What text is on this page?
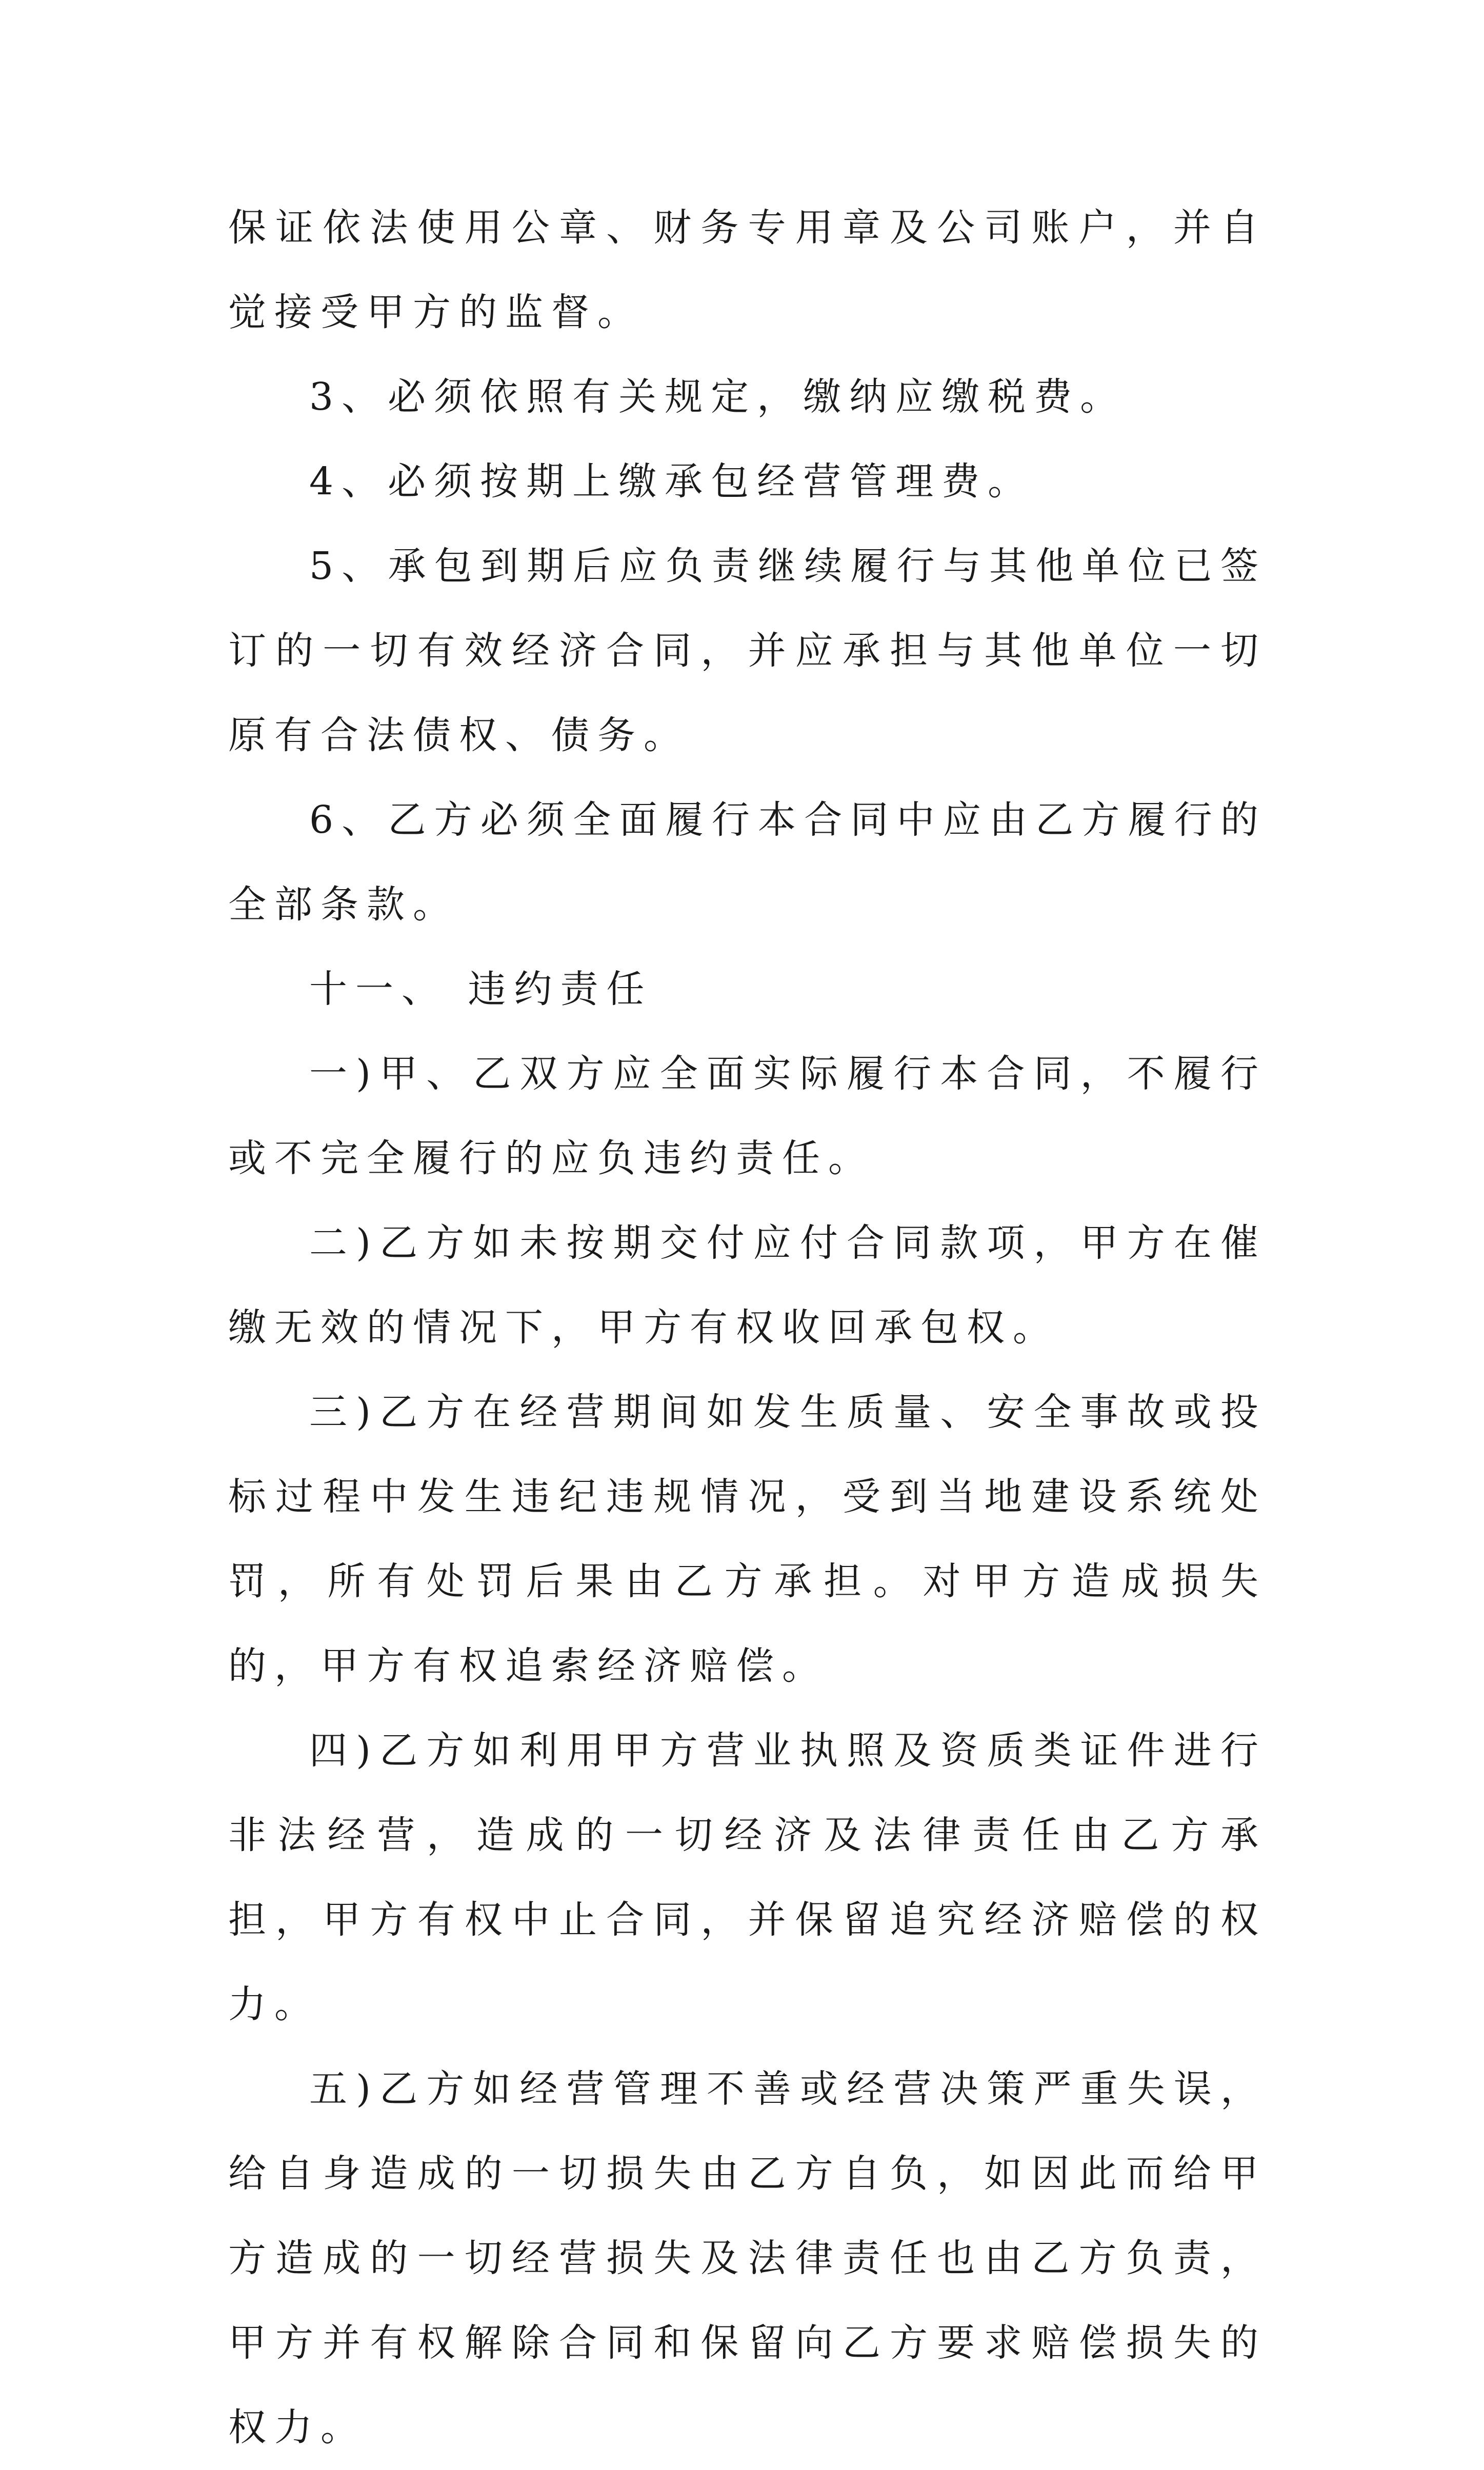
保证依法使用公章、财务专用章及公司账户，并自觉接受甲方的监督。

3、必须依照有关规定，缴纳应缴税费。

4、必须按期上缴承包经营管理费。

5、承包到期后应负责继续履行与其他单位已签订的一切有效经济合同，并应承担与其他单位一切原有合法债权、债务。

6、乙方必须全面履行本合同中应由乙方履行的全部条款。

十一、 违约责任

一)甲、乙双方应全面实际履行本合同，不履行或不完全履行的应负违约责任。

二)乙方如未按期交付应付合同款项，甲方在催缴无效的情况下，甲方有权收回承包权。

三)乙方在经营期间如发生质量、安全事故或投标过程中发生违纪违规情况，受到当地建设系统处罚，所有处罚后果由乙方承担。对甲方造成损失的，甲方有权追索经济赔偿。

四)乙方如利用甲方营业执照及资质类证件进行非法经营，造成的一切经济及法律责任由乙方承担，甲方有权中止合同，并保留追究经济赔偿的权力。

五)乙方如经营管理不善或经营决策严重失误，给自身造成的一切损失由乙方自负，如因此而给甲方造成的一切经营损失及法律责任也由乙方负责，甲方并有权解除合同和保留向乙方要求赔偿损失的权力。
